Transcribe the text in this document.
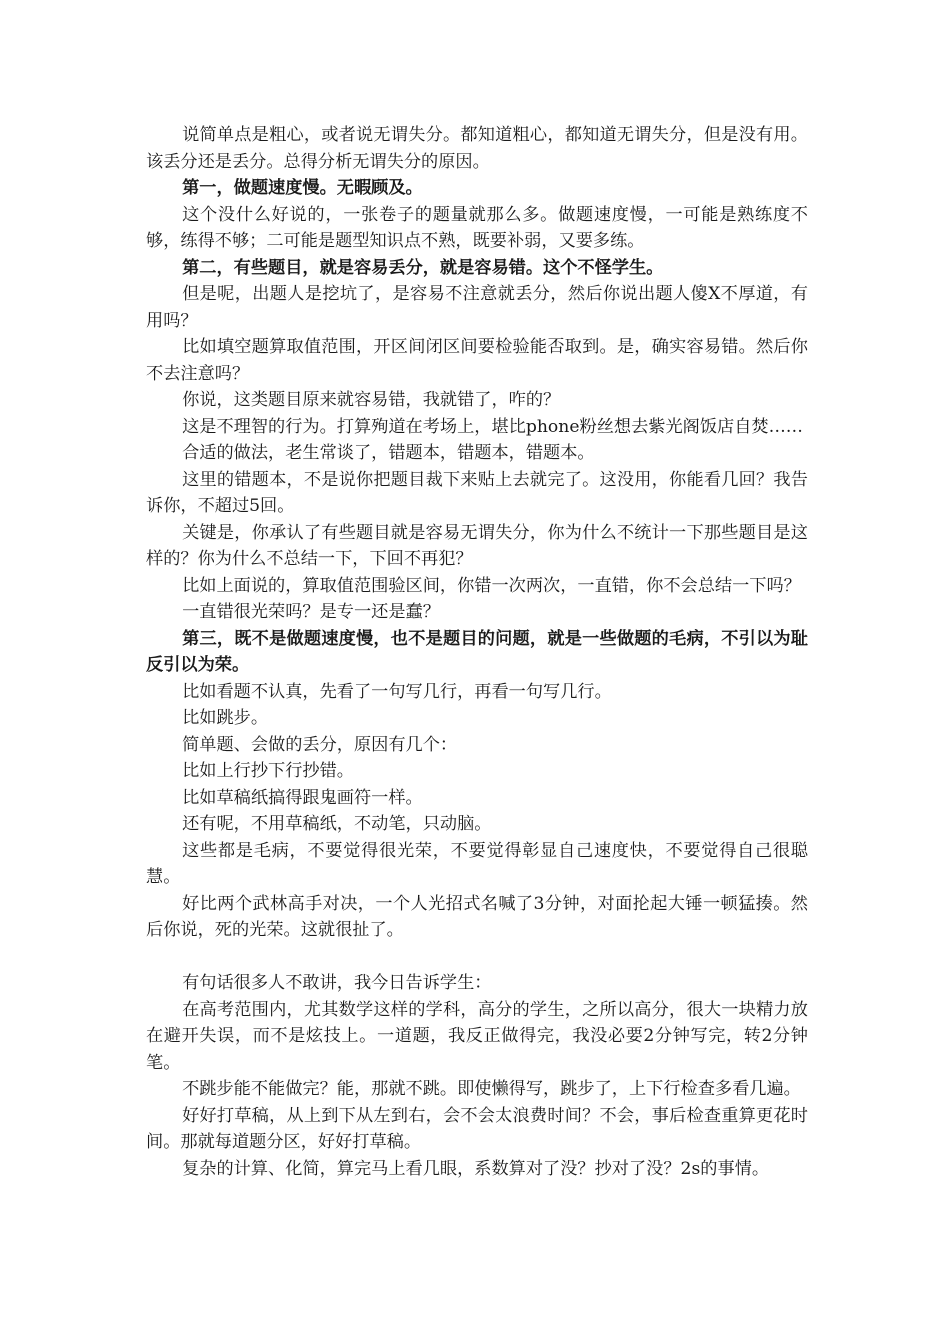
说简单点是粗心，或者说无谓失分。都知道粗心，都知道无谓失分，但是没有用。该丢分还是丢分。总得分析无谓失分的原因。

第一，做题速度慢。无暇顾及。

这个没什么好说的，一张卷子的题量就那么多。做题速度慢，一可能是熟练度不够，练得不够；二可能是题型知识点不熟，既要补弱，又要多练。

第二，有些题目，就是容易丢分，就是容易错。这个不怪学生。

但是呢，出题人是挖坑了，是容易不注意就丢分，然后你说出题人傻X不厚道，有用吗？

比如填空题算取值范围，开区间闭区间要检验能否取到。是，确实容易错。然后你不去注意吗？

你说，这类题目原来就容易错，我就错了，咋的？

这是不理智的行为。打算殉道在考场上，堪比phone粉丝想去紫光阁饭店自焚……

合适的做法，老生常谈了，错题本，错题本，错题本。

这里的错题本，不是说你把题目裁下来贴上去就完了。这没用，你能看几回？我告诉你，不超过5回。

关键是，你承认了有些题目就是容易无谓失分，你为什么不统计一下那些题目是这样的？你为什么不总结一下，下回不再犯？

比如上面说的，算取值范围验区间，你错一次两次，一直错，你不会总结一下吗？

一直错很光荣吗？是专一还是蠢？

第三，既不是做题速度慢，也不是题目的问题，就是一些做题的毛病，不引以为耻反引以为荣。

比如看题不认真，先看了一句写几行，再看一句写几行。

比如跳步。

简单题、会做的丢分，原因有几个：

比如上行抄下行抄错。

比如草稿纸搞得跟鬼画符一样。

还有呢，不用草稿纸，不动笔，只动脑。

这些都是毛病，不要觉得很光荣，不要觉得彰显自己速度快，不要觉得自己很聪慧。

好比两个武林高手对决，一个人光招式名喊了3分钟，对面抡起大锤一顿猛揍。然后你说，死的光荣。这就很扯了。

有句话很多人不敢讲，我今日告诉学生：

在高考范围内，尤其数学这样的学科，高分的学生，之所以高分，很大一块精力放在避开失误，而不是炫技上。一道题，我反正做得完，我没必要2分钟写完，转2分钟笔。

不跳步能不能做完？能，那就不跳。即使懒得写，跳步了，上下行检查多看几遍。

好好打草稿，从上到下从左到右，会不会太浪费时间？不会，事后检查重算更花时间。那就每道题分区，好好打草稿。

复杂的计算、化简，算完马上看几眼，系数算对了没？抄对了没？2s的事情。
